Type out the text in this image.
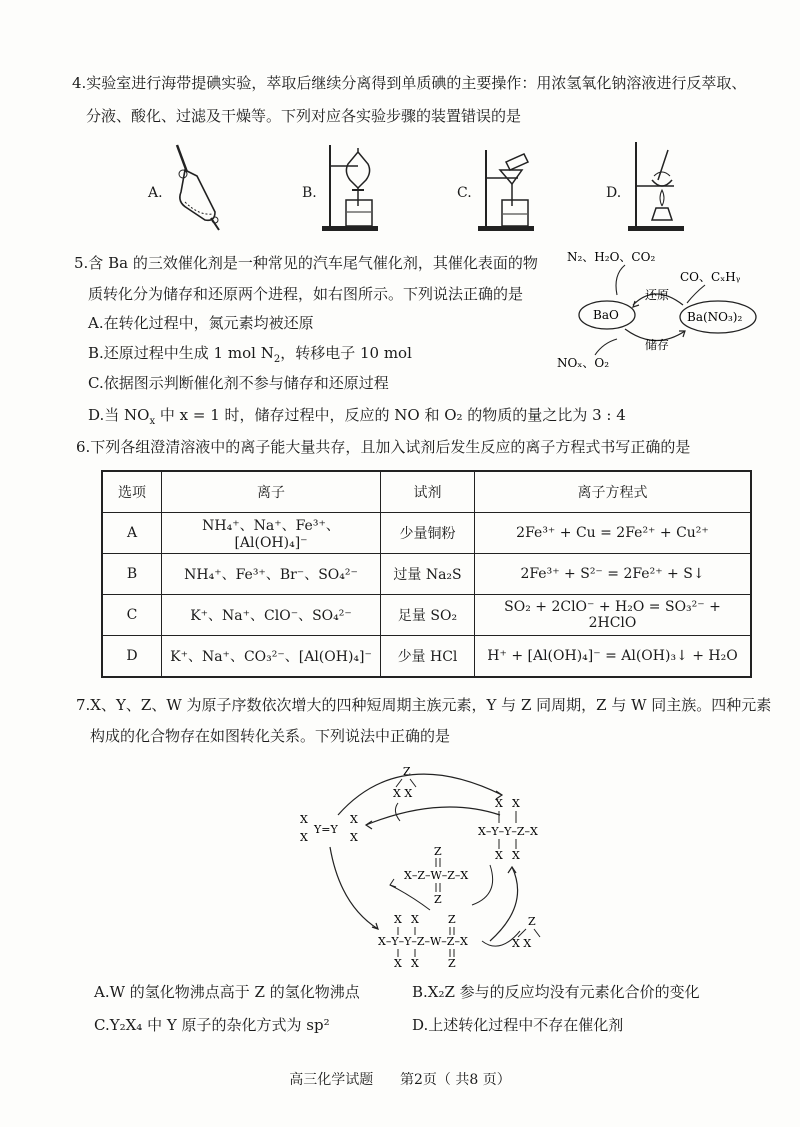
4.实验室进行海带提碘实验，萃取后继续分离得到单质碘的主要操作：用浓氢氧化钠溶液进行反萃取、
分液、酸化、过滤及干燥等。下列对应各实验步骤的装置错误的是
A.	B.	C.	D.
5.含 Ba 的三效催化剂是一种常见的汽车尾气催化剂，其催化表面的物
质转化分为储存和还原两个进程，如右图所示。下列说法正确的是
A.在转化过程中，氮元素均被还原
B.还原过程中生成 1 mol $N_2$，转移电子 10 mol
C.依据图示判断催化剂不参与储存和还原过程
D.当 $NO_x$ 中 x = 1 时，储存过程中，反应的 NO 和 O₂ 的物质的量之比为 3 : 4
N₂、H₂O、CO₂
CO、CₓHᵧ
BaO	Ba(NO₃)₂
还原
储存
NOₓ、O₂
6.下列各组澄清溶液中的离子能大量共存，且加入试剂后发生反应的离子方程式书写正确的是
选项	离子	试剂	离子方程式
A	NH₄⁺、Na⁺、Fe³⁺、[Al(OH)₄]⁻	少量铜粉	2Fe³⁺ + Cu = 2Fe²⁺ + Cu²⁺
B	NH₄⁺、Fe³⁺、Br⁻、SO₄²⁻	过量 Na₂S	2Fe³⁺ + S²⁻ = 2Fe²⁺ + S↓
C	K⁺、Na⁺、ClO⁻、SO₄²⁻	足量 SO₂	SO₂ + 2ClO⁻ + H₂O = SO₃²⁻ + 2HClO
D	K⁺、Na⁺、CO₃²⁻、[Al(OH)₄]⁻	少量 HCl	H⁺ + [Al(OH)₄]⁻ = Al(OH)₃↓ + H₂O
7.X、Y、Z、W 为原子序数依次增大的四种短周期主族元素，Y 与 Z 同周期，Z 与 W 同主族。四种元素
构成的化合物存在如图转化关系。下列说法中正确的是
Z
X X
X
X
Y=Y
X
X
X X
X–Y–Y–Z–X
X X
Z
X–Z–W–Z–X
Z
X X	Z
X–Y–Y–Z–W–Z–X
X X	Z
Z
X X
A.W 的氢化物沸点高于 Z 的氢化物沸点	B.X₂Z 参与的反应均没有元素化合价的变化
C.Y₂X₄ 中 Y 原子的杂化方式为 sp²	D.上述转化过程中不存在催化剂
高三化学试题 第2页（ 共8 页）
